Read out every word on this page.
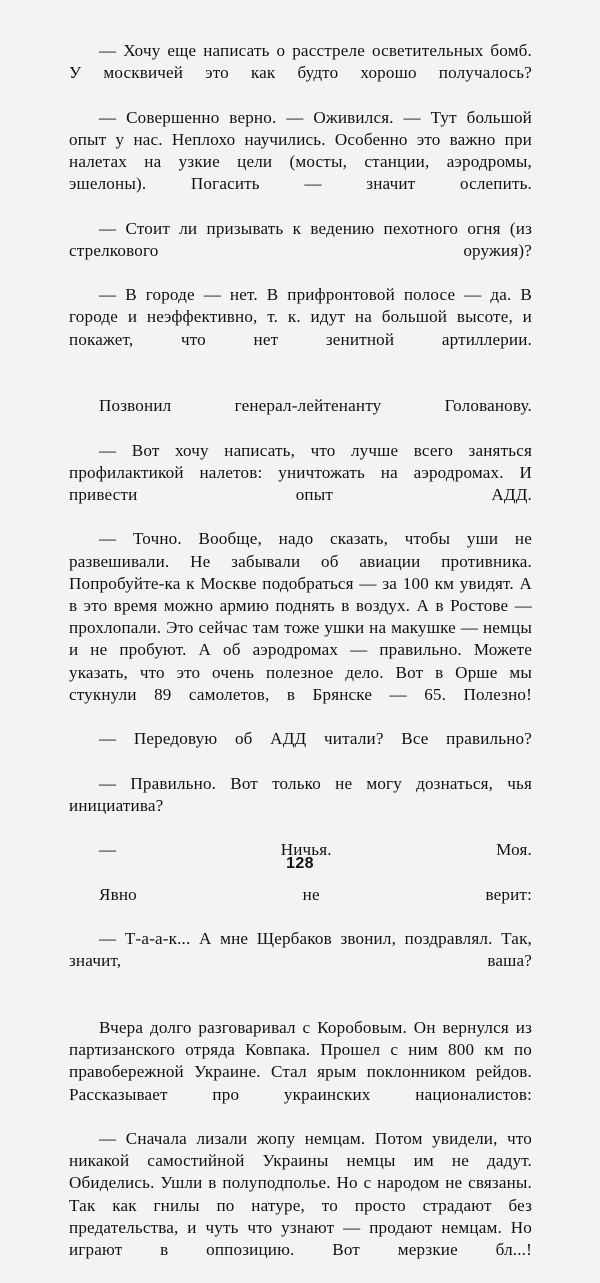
— Хочу еще написать о расстреле осветительных бомб. У москвичей это как будто хорошо получалось?

— Совершенно верно. — Оживился. — Тут большой опыт у нас. Неплохо научились. Особенно это важно при налетах на узкие цели (мосты, станции, аэродромы, эшелоны). Погасить — значит ослепить.

— Стоит ли призывать к ведению пехотного огня (из стрелкового оружия)?

— В городе — нет. В прифронтовой полосе — да. В городе и неэффективно, т. к. идут на большой высоте, и покажет, что нет зенитной артиллерии.

Позвонил генерал-лейтенанту Голованову.

— Вот хочу написать, что лучше всего заняться профилактикой налетов: уничтожать на аэродромах. И привести опыт АДД.

— Точно. Вообще, надо сказать, чтобы уши не развешивали. Не забывали об авиации противника. Попробуйте-ка к Москве подобраться — за 100 км увидят. А в это время можно армию поднять в воздух. А в Ростове — прохлопали. Это сейчас там тоже ушки на макушке — немцы и не пробуют. А об аэродромах — правильно. Можете указать, что это очень полезное дело. Вот в Орше мы стукнули 89 самолетов, в Брянске — 65. Полезно!

— Передовую об АДД читали? Все правильно?

— Правильно. Вот только не могу дознаться, чья инициатива?

— Ничья. Моя.

Явно не верит:

— Т-а-а-к... А мне Щербаков звонил, поздравлял. Так, значит, ваша?

Вчера долго разговаривал с Коробовым. Он вернулся из партизанского отряда Ковпака. Прошел с ним 800 км по правобережной Украине. Стал ярым поклонником рейдов. Рассказывает про украинских националистов:

— Сначала лизали жопу немцам. Потом увидели, что никакой самостийной Украины немцы им не дадут. Обиделись. Ушли в полуподполье. Но с народом не связаны. Так как гнилы по натуре, то просто страдают без предательства, и чуть что узнают — продают немцам. Но играют в оппозицию. Вот мерзкие бл...!

128
